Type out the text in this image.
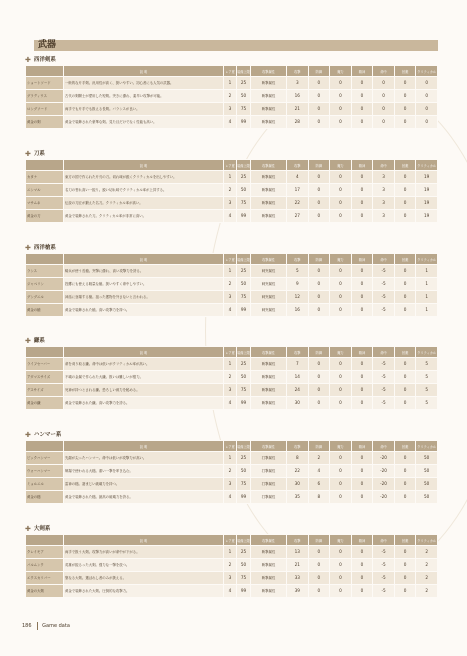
武器
✚ 西洋剣系
	説 明	レア度	装備上限	攻撃属性	攻撃	防御	魔力	精神	命中	回避	クリティカル
ショートソード	一般的な片手剣。汎用性が高く、扱いやすい。初心者にも人気の武器。	1	25	斬撃属性	3	0	0	0	0	0	0
グラディウス	古代の剣闘士が愛用した短剣。突きに優れ、素早い攻撃が可能。	2	50	斬撃属性	16	0	0	0	0	0	0
ロングソード	両手でも片手でも扱える長剣。バランスが良い。	3	75	斬撃属性	21	0	0	0	0	0	0
黄金の剣	黄金で装飾された豪華な剣。見た目だけでなく性能も高い。	4	99	斬撃属性	28	0	0	0	0	0	0
✚ 刀系
	説 明	レア度	装備上限	攻撃属性	攻撃	防御	魔力	精神	命中	回避	クリティカル
カタナ	東方の国で作られた片刃の刀。切れ味が鋭くクリティカルを出しやすい。	1	25	斬撃属性	4	0	0	0	3	0	19
ニンマル	名刀の誉れ高い一振り。鋭い切れ味でクリティカル率が上昇する。	2	50	斬撃属性	17	0	0	0	3	0	19
マサムネ	伝説の刀匠が鍛えた名刀。クリティカル率が高い。	3	75	斬撃属性	22	0	0	0	3	0	19
黄金の刀	黄金で装飾された刀。クリティカル率が非常に高い。	4	99	斬撃属性	27	0	0	0	3	0	19
✚ 西洋槍系
	説 明	レア度	装備上限	攻撃属性	攻撃	防御	魔力	精神	命中	回避	クリティカル
ランス	騎兵が使う長槍。突撃に優れ、高い攻撃力を誇る。	1	25	刺突属性	5	0	0	0	-5	0	1
ジャベリン	投擲にも使える軽量な槍。扱いやすく命中しやすい。	2	50	刺突属性	9	0	0	0	-5	0	1
グングニル	神話に登場する槍。狙った獲物を外さないと言われる。	3	75	刺突属性	12	0	0	0	-5	0	1
黄金の槍	黄金で装飾された槍。高い攻撃力を持つ。	4	99	刺突属性	16	0	0	0	-5	0	1
✚ 鎌系
	説 明	レア度	装備上限	攻撃属性	攻撃	防御	魔力	精神	命中	回避	クリティカル
ライフセーバー	命を刈り取る鎌。命中は低いがクリティカル率が高い。	1	25	斬撃属性	7	0	0	0	-5	0	5
アダマスサイズ	不壊の金属で作られた大鎌。扱いは難しいが強力。	2	50	斬撃属性	14	0	0	0	-5	0	5
デスサイズ	死神が持つとされる鎌。恐ろしい威力を秘める。	3	75	斬撃属性	24	0	0	0	-5	0	5
黄金の鎌	黄金で装飾された鎌。高い攻撃力を誇る。	4	99	斬撃属性	30	0	0	0	-5	0	5
✚ ハンマー系
	説 明	レア度	装備上限	攻撃属性	攻撃	防御	魔力	精神	命中	回避	クリティカル
ピックハンマー	先端が尖ったハンマー。命中は低いが攻撃力が高い。	1	25	打撃属性	8	2	0	0	-20	0	50
ウォーハンマー	戦場で使われる大槌。重い一撃を叩き込む。	2	50	打撃属性	22	4	0	0	-20	0	50
ミョルニル	雷神の槌。凄まじい破壊力を持つ。	3	75	打撃属性	30	6	0	0	-20	0	50
黄金の槌	黄金で装飾された槌。最高の破壊力を誇る。	4	99	打撃属性	35	8	0	0	-20	0	50
✚ 大剣系
	説 明	レア度	装備上限	攻撃属性	攻撃	防御	魔力	精神	命中	回避	クリティカル
クレイモア	両手で扱う大剣。攻撃力が高いが命中が下がる。	1	25	斬撃属性	13	0	0	0	-5	0	2
バルムンク	英雄が振るった大剣。強力な一撃を放つ。	2	50	斬撃属性	21	0	0	0	-5	0	2
エクスカリバー	聖なる大剣。選ばれし者のみが扱える。	3	75	斬撃属性	33	0	0	0	-5	0	2
黄金の大剣	黄金で装飾された大剣。圧倒的な攻撃力。	4	99	斬撃属性	39	0	0	0	-5	0	2
186 Game data
